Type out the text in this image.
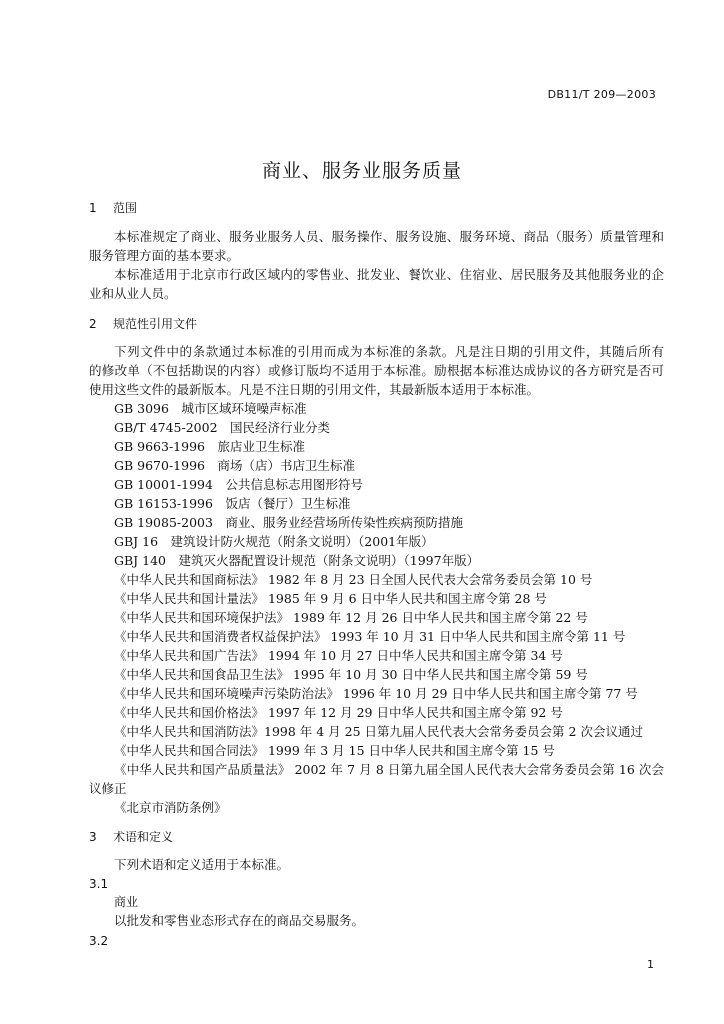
DB11/T 209—2003
商业、服务业服务质量
1 范围
本标准规定了商业、服务业服务人员、服务操作、服务设施、服务环境、商品（服务）质量管理和
服务管理方面的基本要求。
本标准适用于北京市行政区域内的零售业、批发业、餐饮业、住宿业、居民服务及其他服务业的企
业和从业人员。
2 规范性引用文件
下列文件中的条款通过本标准的引用而成为本标准的条款。凡是注日期的引用文件，其随后所有
的修改单（不包括勘误的内容）或修订版均不适用于本标准。励根据本标准达成协议的各方研究是否可
使用这些文件的最新版本。凡是不注日期的引用文件，其最新版本适用于本标准。
GB 3096　城市区域环境噪声标准
GB/T 4745-2002　国民经济行业分类
GB 9663-1996　旅店业卫生标准
GB 9670-1996　商场（店）书店卫生标准
GB 10001-1994　公共信息标志用图形符号
GB 16153-1996　饭店（餐厅）卫生标准
GB 19085-2003　商业、服务业经营场所传染性疾病预防措施
GBJ 16　建筑设计防火规范（附条文说明）（2001年版）
GBJ 140　建筑灭火器配置设计规范（附条文说明）（1997年版）
《中华人民共和国商标法》 1982 年 8 月 23 日全国人民代表大会常务委员会第 10 号
《中华人民共和国计量法》 1985 年 9 月 6 日中华人民共和国主席令第 28 号
《中华人民共和国环境保护法》 1989 年 12 月 26 日中华人民共和国主席令第 22 号
《中华人民共和国消费者权益保护法》 1993 年 10 月 31 日中华人民共和国主席令第 11 号
《中华人民共和国广告法》 1994 年 10 月 27 日中华人民共和国主席令第 34 号
《中华人民共和国食品卫生法》 1995 年 10 月 30 日中华人民共和国主席令第 59 号
《中华人民共和国环境噪声污染防治法》 1996 年 10 月 29 日中华人民共和国主席令第 77 号
《中华人民共和国价格法》 1997 年 12 月 29 日中华人民共和国主席令第 92 号
《中华人民共和国消防法》1998 年 4 月 25 日第九届人民代表大会常务委员会第 2 次会议通过
《中华人民共和国合同法》 1999 年 3 月 15 日中华人民共和国主席令第 15 号
《中华人民共和国产品质量法》 2002 年 7 月 8 日第九届全国人民代表大会常务委员会第 16 次会
议修正
《北京市消防条例》
3 术语和定义
下列术语和定义适用于本标准。
3.1
商业
以批发和零售业态形式存在的商品交易服务。
3.2
1
